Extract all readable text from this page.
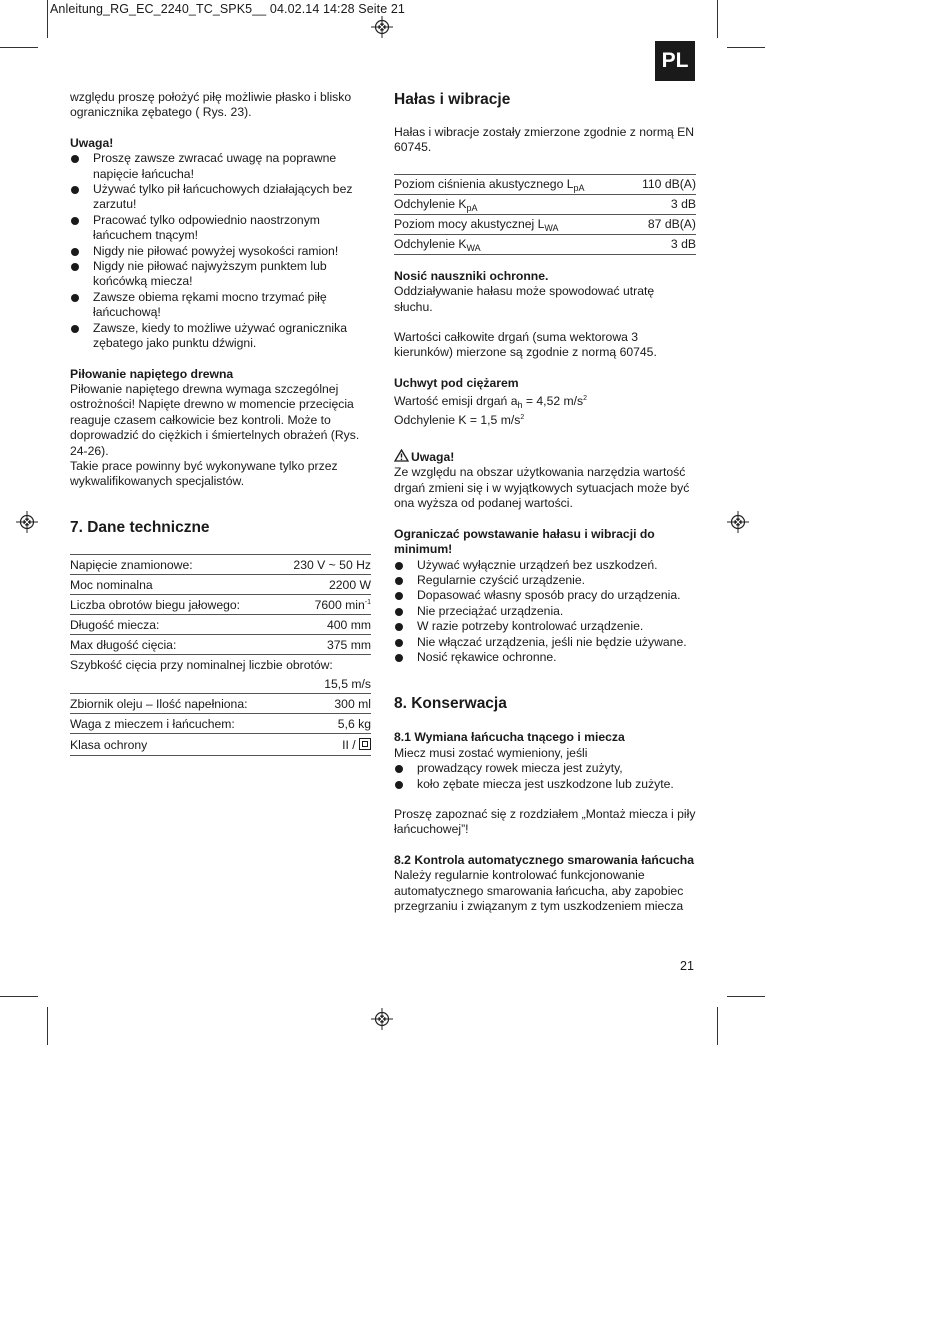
Anleitung_RG_EC_2240_TC_SPK5__ 04.02.14 14:28 Seite 21
PL

względu proszę położyć piłę możliwie płasko i blisko ogranicznika zębatego ( Rys. 23).

Uwaga!

Proszę zawsze zwracać uwagę na poprawne napięcie łańcucha!
Używać tylko pił łańcuchowych działających bez zarzutu!
Pracować tylko odpowiednio naostrzonym łańcuchem tnącym!
Nigdy nie piłować powyżej wysokości ramion!
Nigdy nie piłować najwyższym punktem lub końcówką miecza!
Zawsze obiema rękami mocno trzymać piłę łańcuchową!
Zawsze, kiedy to możliwe używać ogranicznika zębatego jako punktu dźwigni.

Piłowanie napiętego drewna

Piłowanie napiętego drewna wymaga szczególnej ostrożności! Napięte drewno w momencie przecięcia reaguje czasem całkowicie bez kontroli. Może to doprowadzić do ciężkich i śmiertelnych obrażeń (Rys. 24-26).

Takie prace powinny być wykonywane tylko przez wykwalifikowanych specjalistów.

7. Dane techniczne
Napięcie znamionowe:	230 V ~ 50 Hz
Moc nominalna	2200 W
Liczba obrotów biegu jałowego:	7600 $\min^{-1}$
Długość miecza:	400 mm
Max długość cięcia:	375 mm
Szybkość cięcia przy nominalnej liczbie obrotów:	
	15,5 m/s
Zbiornik oleju – Ilość napełniona:	300 ml
Waga z mieczem i łańcuchem:	5,6 kg
Klasa ochrony	II /
Hałas i wibracje

Hałas i wibracje zostały zmierzone zgodnie z normą EN 60745.

Poziom ciśnienia akustycznego $L_{pA}$	110 dB(A)
Odchylenie $K_{pA}$	3 dB
Poziom mocy akustycznej $L_{WA}$	87 dB(A)
Odchylenie $K_{WA}$	3 dB

Nosić nauszniki ochronne.

Oddziaływanie hałasu może spowodować utratę słuchu.

Wartości całkowite drgań (suma wektorowa 3 kierunków) mierzone są zgodnie z normą 60745.

Uchwyt pod ciężarem

Wartość emisji drgań $a_h = 4,52$ $m/s^2$

Odchylenie K = 1,5 $m/s^2$

Uwaga!

Ze względu na obszar użytkowania narzędzia wartość drgań zmieni się i w wyjątkowych sytuacjach może być ona wyższa od podanej wartości.

Ograniczać powstawanie hałasu i wibracji do minimum!

Używać wyłącznie urządzeń bez uszkodzeń.
Regularnie czyścić urządzenie.
Dopasować własny sposób pracy do urządzenia.
Nie przeciążać urządzenia.
W razie potrzeby kontrolować urządzenie.
Nie włączać urządzenia, jeśli nie będzie używane.
Nosić rękawice ochronne.
8. Konserwacja

8.1 Wymiana łańcucha tnącego i miecza

Miecz musi zostać wymieniony, jeśli

prowadzący rowek miecza jest zużyty,
koło zębate miecza jest uszkodzone lub zużyte.

Proszę zapoznać się z rozdziałem „Montaż miecza i piły łańcuchowej”!

8.2 Kontrola automatycznego smarowania łańcucha

Należy regularnie kontrolować funkcjonowanie automatycznego smarowania łańcucha, aby zapobiec przegrzaniu i związanym z tym uszkodzeniem miecza

21
